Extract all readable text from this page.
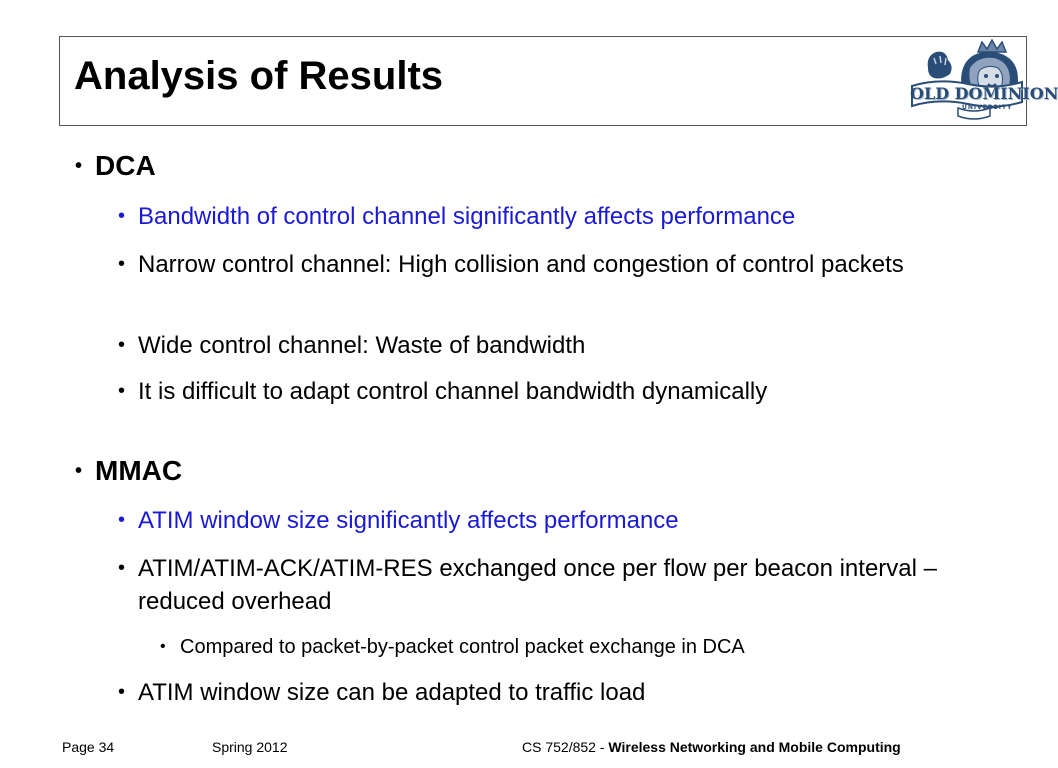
Analysis of Results	OLD DOMINION
UNIVERSITY
• DCA
• Bandwidth of control channel significantly affects performance
• Narrow control channel: High collision and congestion of control packets
• Wide control channel: Waste of bandwidth
• It is difficult to adapt control channel bandwidth dynamically
• MMAC
• ATIM window size significantly affects performance
• ATIM/ATIM-ACK/ATIM-RES exchanged once per flow per beacon interval – reduced overhead
• Compared to packet-by-packet control packet exchange in DCA
• ATIM window size can be adapted to traffic load
Page 34	Spring 2012	CS 752/852 - Wireless Networking and Mobile Computing
